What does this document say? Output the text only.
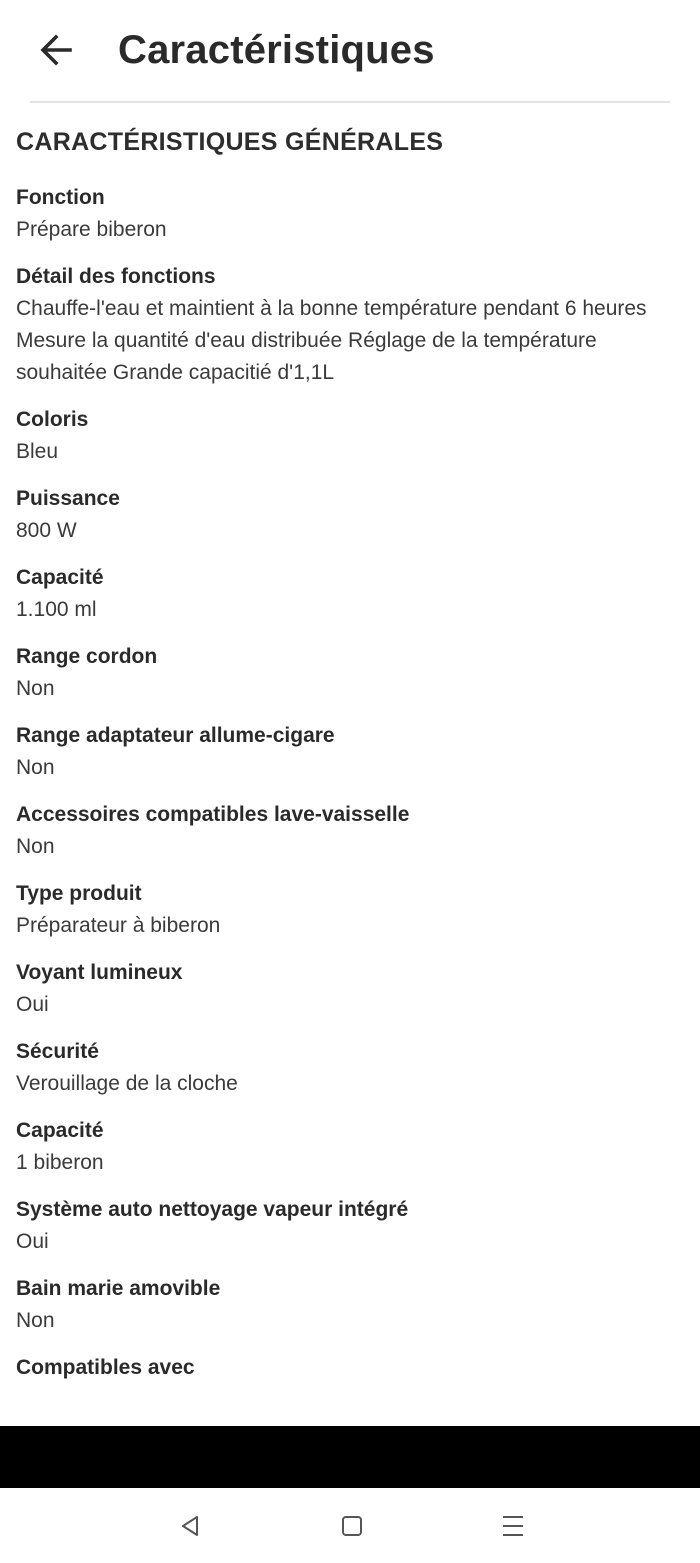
Caractéristiques
CARACTÉRISTIQUES GÉNÉRALES
Fonction
Prépare biberon
Détail des fonctions
Chauffe-l'eau et maintient à la bonne température pendant 6 heures Mesure la quantité d'eau distribuée Réglage de la température souhaitée Grande capacitié d'1,1L
Coloris
Bleu
Puissance
800 W
Capacité
1.100 ml
Range cordon
Non
Range adaptateur allume-cigare
Non
Accessoires compatibles lave-vaisselle
Non
Type produit
Préparateur à biberon
Voyant lumineux
Oui
Sécurité
Verouillage de la cloche
Capacité
1 biberon
Système auto nettoyage vapeur intégré
Oui
Bain marie amovible
Non
Compatibles avec
